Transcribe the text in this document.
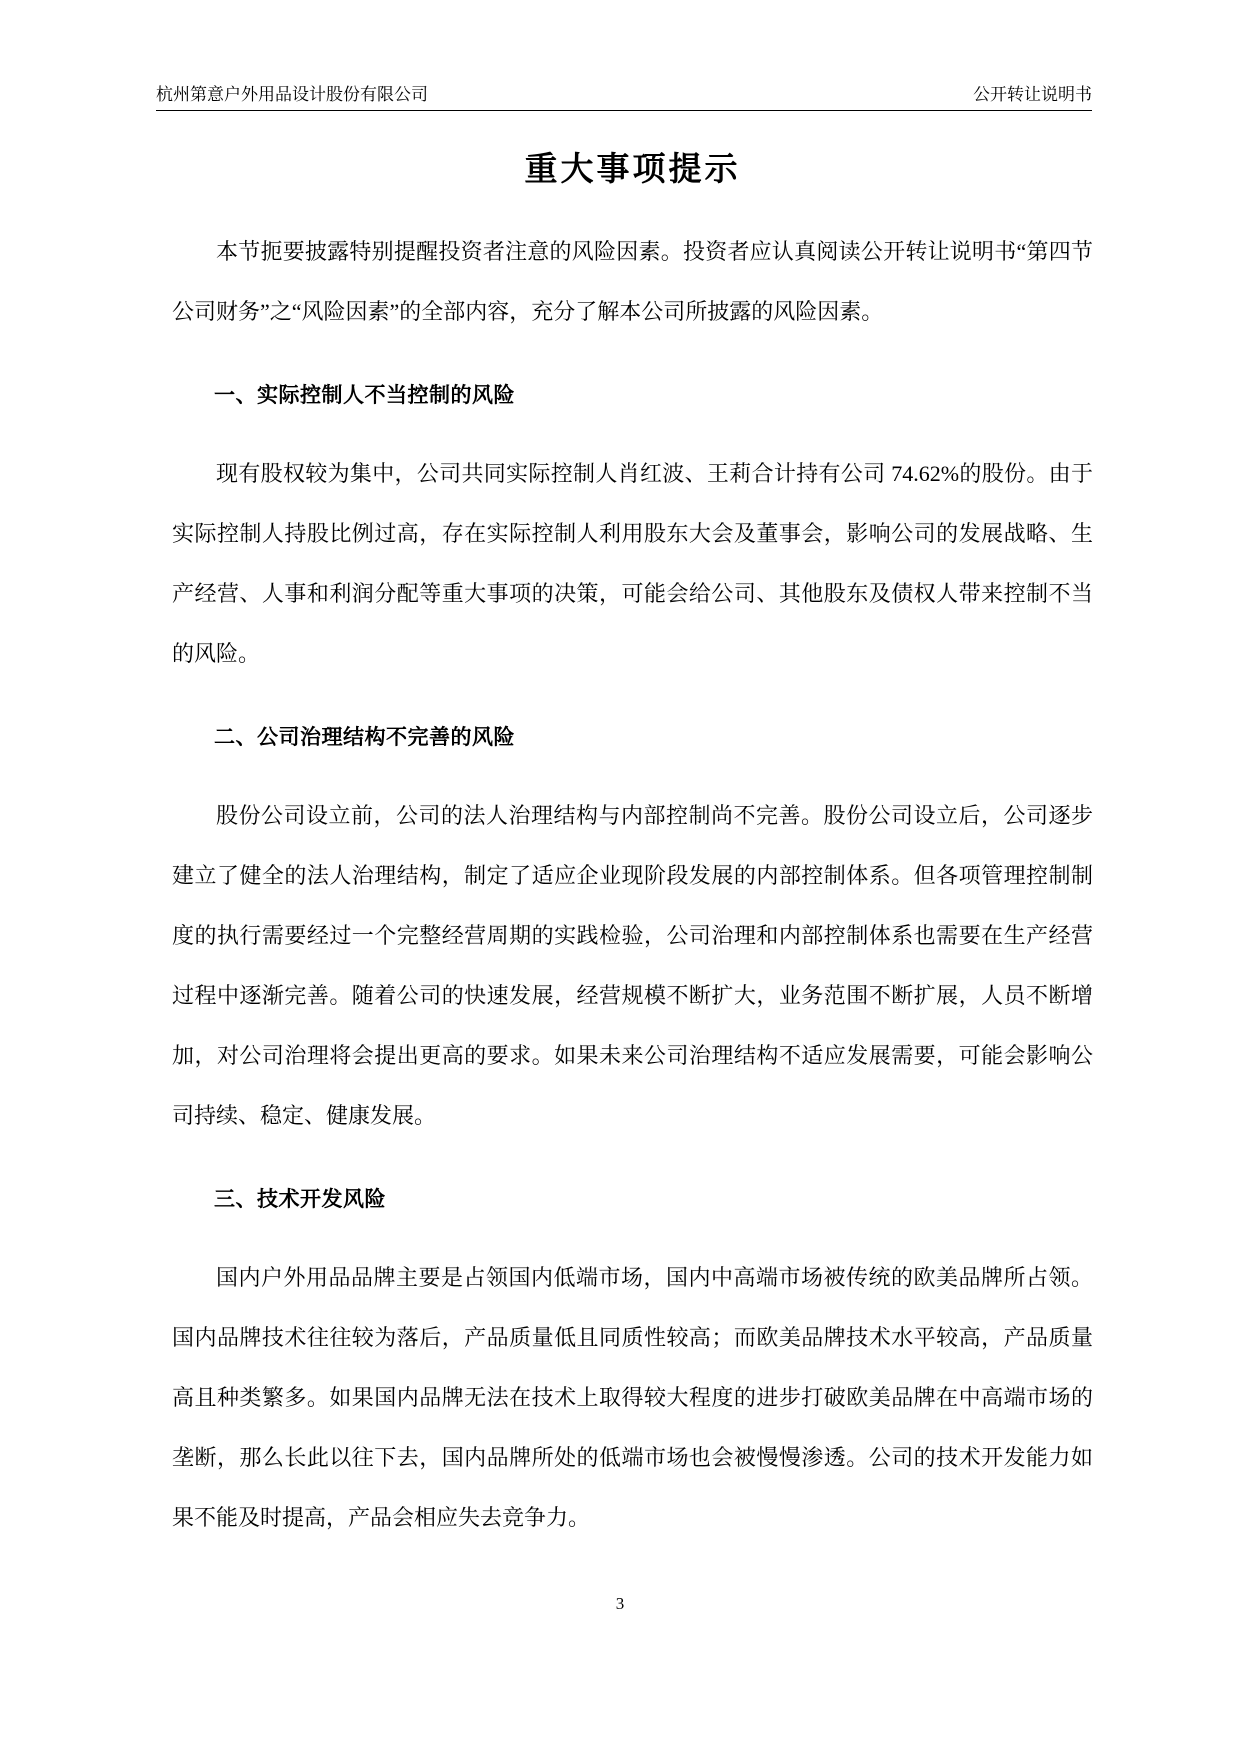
杭州第意户外用品设计股份有限公司	公开转让说明书
重大事项提示

本节扼要披露特别提醒投资者注意的风险因素。投资者应认真阅读公开转让说明书“第四节公司财务”之“风险因素”的全部内容，充分了解本公司所披露的风险因素。

一、实际控制人不当控制的风险

现有股权较为集中，公司共同实际控制人肖红波、王莉合计持有公司 74.62%的股份。由于实际控制人持股比例过高，存在实际控制人利用股东大会及董事会，影响公司的发展战略、生产经营、人事和利润分配等重大事项的决策，可能会给公司、其他股东及债权人带来控制不当的风险。

二、公司治理结构不完善的风险

股份公司设立前，公司的法人治理结构与内部控制尚不完善。股份公司设立后，公司逐步建立了健全的法人治理结构，制定了适应企业现阶段发展的内部控制体系。但各项管理控制制度的执行需要经过一个完整经营周期的实践检验，公司治理和内部控制体系也需要在生产经营过程中逐渐完善。随着公司的快速发展，经营规模不断扩大，业务范围不断扩展，人员不断增加，对公司治理将会提出更高的要求。如果未来公司治理结构不适应发展需要，可能会影响公司持续、稳定、健康发展。

三、技术开发风险

国内户外用品品牌主要是占领国内低端市场，国内中高端市场被传统的欧美品牌所占领。国内品牌技术往往较为落后，产品质量低且同质性较高；而欧美品牌技术水平较高，产品质量高且种类繁多。如果国内品牌无法在技术上取得较大程度的进步打破欧美品牌在中高端市场的垄断，那么长此以往下去，国内品牌所处的低端市场也会被慢慢渗透。公司的技术开发能力如果不能及时提高，产品会相应失去竞争力。

3
